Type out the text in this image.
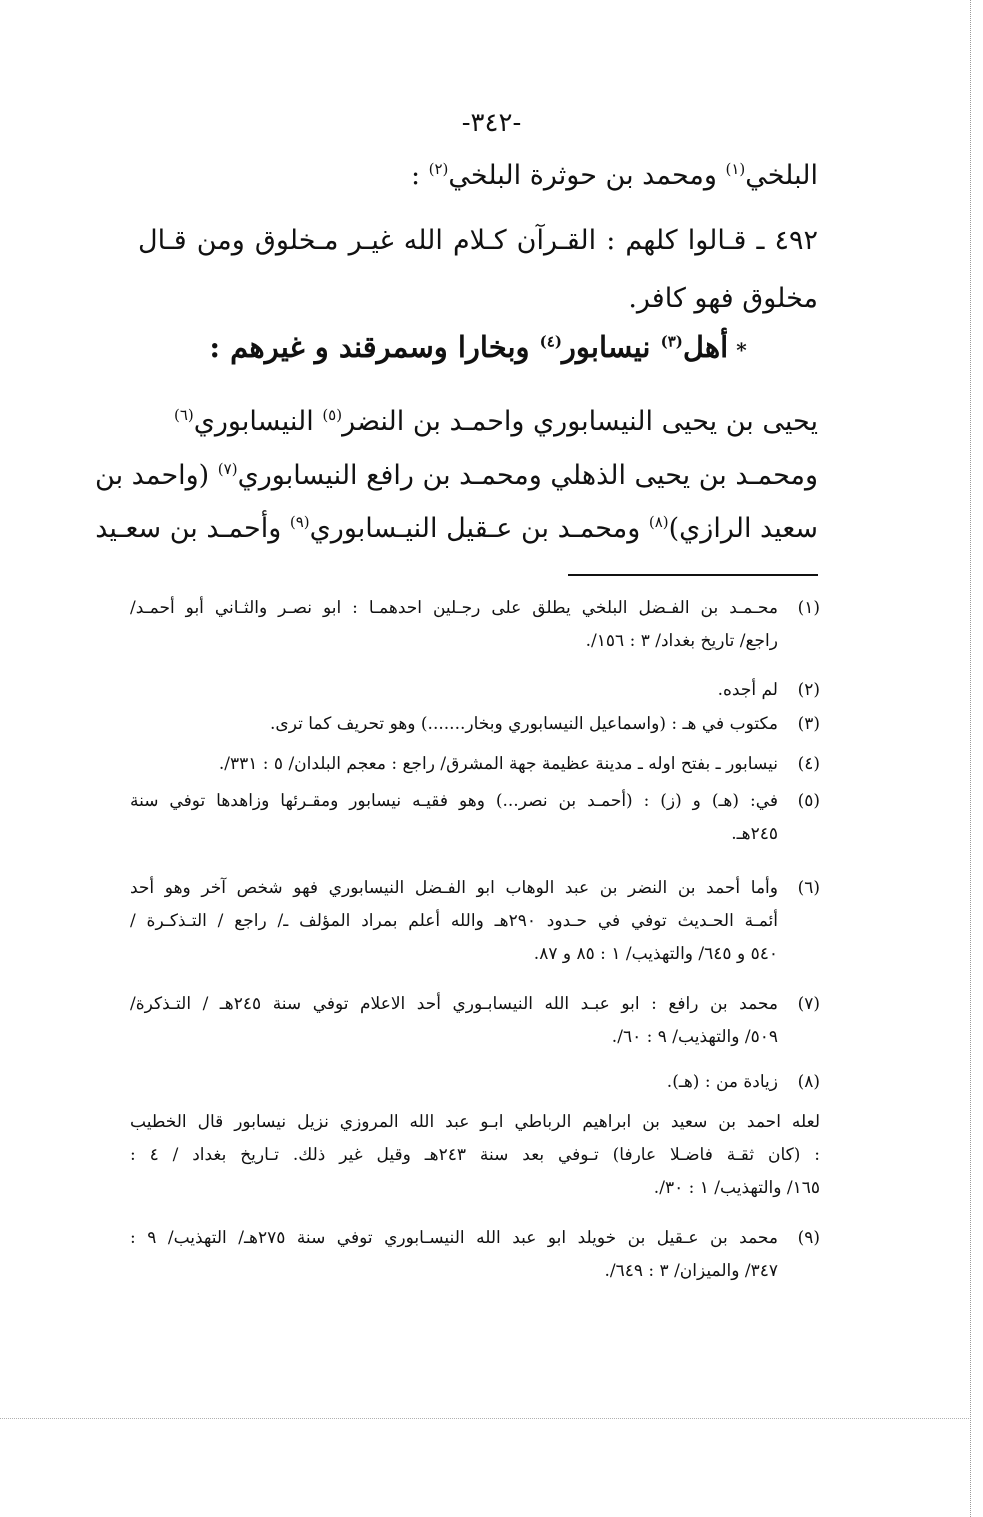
-٣٤٢-
البلخي$^{(١)}$ ومحمد بن حوثرة البلخي$^{(٢)}$ :
٤٩٢ ـ قـالوا كلهم : القـرآن كـلام الله غيـر مـخلوق ومن قـال
مخلوق فهو كافر.
يحيى بن يحيى النيسابوري واحمـد بن النضر$^{(٥)}$ النيسابوري$^{(٦)}$
ومحمـد بن يحيى الذهلي ومحمـد بن رافع النيسابوري$^{(٧)}$ (واحمد بن
سعيد الرازي)$^{(٨)}$ ومحمـد بن عـقيل النيـسابوري$^{(٩)}$ وأحمـد بن سعـيد
*أهل$^{(٣)}$ نيسابور$^{(٤)}$ وبخارا وسمرقند و غيرهم :
(١)
محـمـد بن الفـضل البلخي يطلق على رجـلين احدهمـا : ابو نصـر والثـاني أبو أحمـد/
راجع/ تاريخ بغداد/ ٣ : ١٥٦/.
(٢)
لم أجده.
(٣)
مكتوب في هـ : (واسماعيل النيسابوري وبخار.......) وهو تحريف كما ترى.
(٤)
نيسابور ـ بفتح اوله ـ مدينة عظيمة جهة المشرق/ راجع : معجم البلدان/ ٥ : ٣٣١/.
(٥)
في: (هـ) و (ز) : (أحمـد بن نصر...) وهو فقيـه نيسابور ومقـرئها وزاهدها توفي سنة
٢٤٥هـ.
(٦)
وأما أحمد بن النضر بن عبد الوهاب ابو الفـضل النيسابوري فهو شخص آخر وهو أحد
أئمـة الحـديث توفي في حـدود ٢٩٠هـ والله أعلم بمراد المؤلف ـ/ راجع / التـذكـرة /
٥٤٠ و ٦٤٥/ والتهذيب/ ١ : ٨٥ و ٨٧.
(٧)
محمد بن رافع : ابو عبـد الله النيسابـوري أحد الاعلام توفي سنة ٢٤٥هـ / التـذكرة/
٥٠٩/ والتهذيب/ ٩ : ٦٠/.
(٨)
زيادة من : (هـ).
لعله احمد بن سعيد بن ابراهيم الرباطي ابـو عبد الله المروزي نزيل نيسابور قال الخطيب
: (كان ثقـة فاضـلا عارفا) تـوفي بعد سنة ٢٤٣هـ وقيل غير ذلك. تـاريخ بغداد / ٤ :
١٦٥/ والتهذيب/ ١ : ٣٠/.
(٩)
محمد بن عـقيل بن خويلد ابو عبد الله النيسـابوري توفي سنة ٢٧٥هـ/ التهذيب/ ٩ :
٣٤٧/ والميزان/ ٣ : ٦٤٩/.
